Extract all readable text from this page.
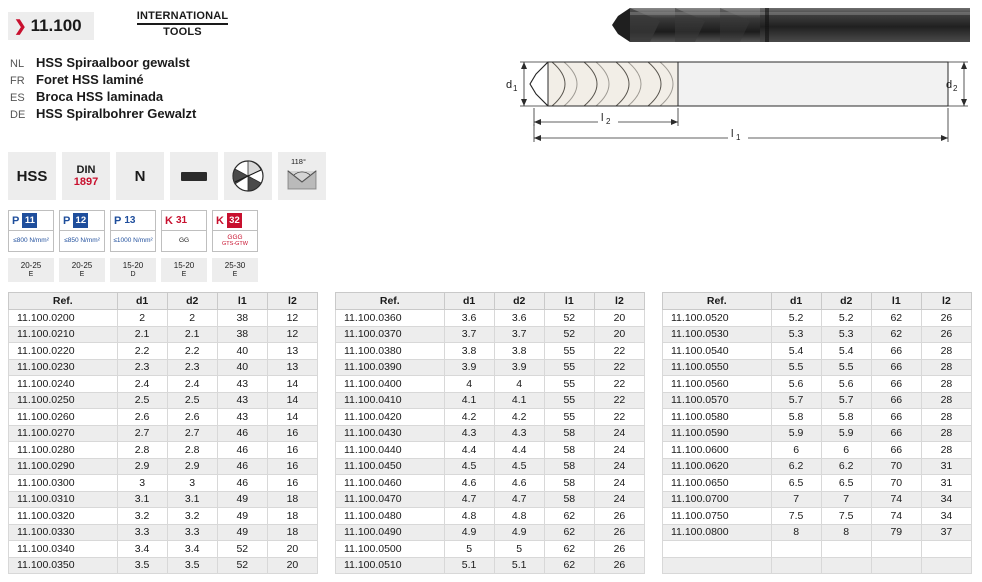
❯ 11.100	INTERNATIONAL
TOOLS
NL HSS Spiraalboor gewalst
FR Foret HSS laminé
ES Broca HSS laminada
DE HSS Spiralbohrer Gewalzt
d 1	d 2
l 2
l 1
HSS	DIN
1897 N
118°
P 11
≤800 N/mm²
P 12
≤850 N/mm²
P 13
≤1000 N/mm²
K 31
GG
K 32
GGG
GTS-GTW
20-25
E
20-25
E
15-20
D
15-20
E
25-30
E
Ref.	d1	d2	l1	l2
11.100.0200	2	2	38	12
11.100.0210	2.1	2.1	38	12
11.100.0220	2.2	2.2	40	13
11.100.0230	2.3	2.3	40	13
11.100.0240	2.4	2.4	43	14
11.100.0250	2.5	2.5	43	14
11.100.0260	2.6	2.6	43	14
11.100.0270	2.7	2.7	46	16
11.100.0280	2.8	2.8	46	16
11.100.0290	2.9	2.9	46	16
11.100.0300	3	3	46	16
11.100.0310	3.1	3.1	49	18
11.100.0320	3.2	3.2	49	18
11.100.0330	3.3	3.3	49	18
11.100.0340	3.4	3.4	52	20
11.100.0350	3.5	3.5	52	20
Ref.	d1	d2	l1	l2
11.100.0360	3.6	3.6	52	20
11.100.0370	3.7	3.7	52	20
11.100.0380	3.8	3.8	55	22
11.100.0390	3.9	3.9	55	22
11.100.0400	4	4	55	22
11.100.0410	4.1	4.1	55	22
11.100.0420	4.2	4.2	55	22
11.100.0430	4.3	4.3	58	24
11.100.0440	4.4	4.4	58	24
11.100.0450	4.5	4.5	58	24
11.100.0460	4.6	4.6	58	24
11.100.0470	4.7	4.7	58	24
11.100.0480	4.8	4.8	62	26
11.100.0490	4.9	4.9	62	26
11.100.0500	5	5	62	26
11.100.0510	5.1	5.1	62	26
Ref.	d1	d2	l1	l2
11.100.0520	5.2	5.2	62	26
11.100.0530	5.3	5.3	62	26
11.100.0540	5.4	5.4	66	28
11.100.0550	5.5	5.5	66	28
11.100.0560	5.6	5.6	66	28
11.100.0570	5.7	5.7	66	28
11.100.0580	5.8	5.8	66	28
11.100.0590	5.9	5.9	66	28
11.100.0600	6	6	66	28
11.100.0620	6.2	6.2	70	31
11.100.0650	6.5	6.5	70	31
11.100.0700	7	7	74	34
11.100.0750	7.5	7.5	74	34
11.100.0800	8	8	79	37
